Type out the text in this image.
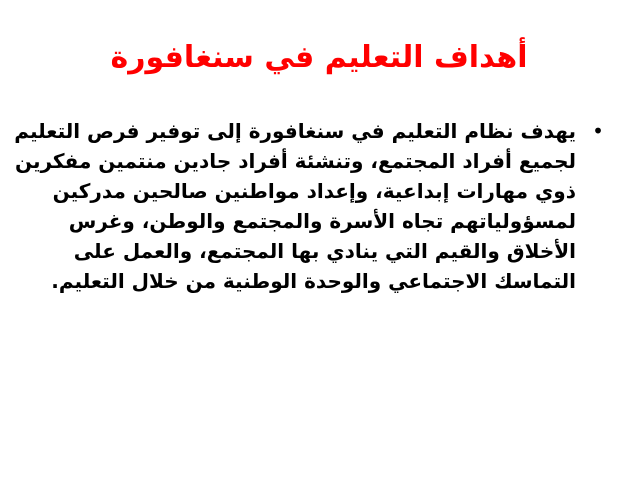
أهداف التعليم في سنغافورة
•
يهدف نظام التعليم في سنغافورة إلى توفير فرص التعليم
لجميع أفراد المجتمع، وتنشئة أفراد جادين منتمين مفكرين
ذوي مهارات إبداعية، وإعداد مواطنين صالحين مدركين
لمسؤولياتهم تجاه الأسرة والمجتمع والوطن، وغرس
الأخلاق والقيم التي ينادي بها المجتمع، والعمل على
التماسك الاجتماعي والوحدة الوطنية من خلال التعليم.
